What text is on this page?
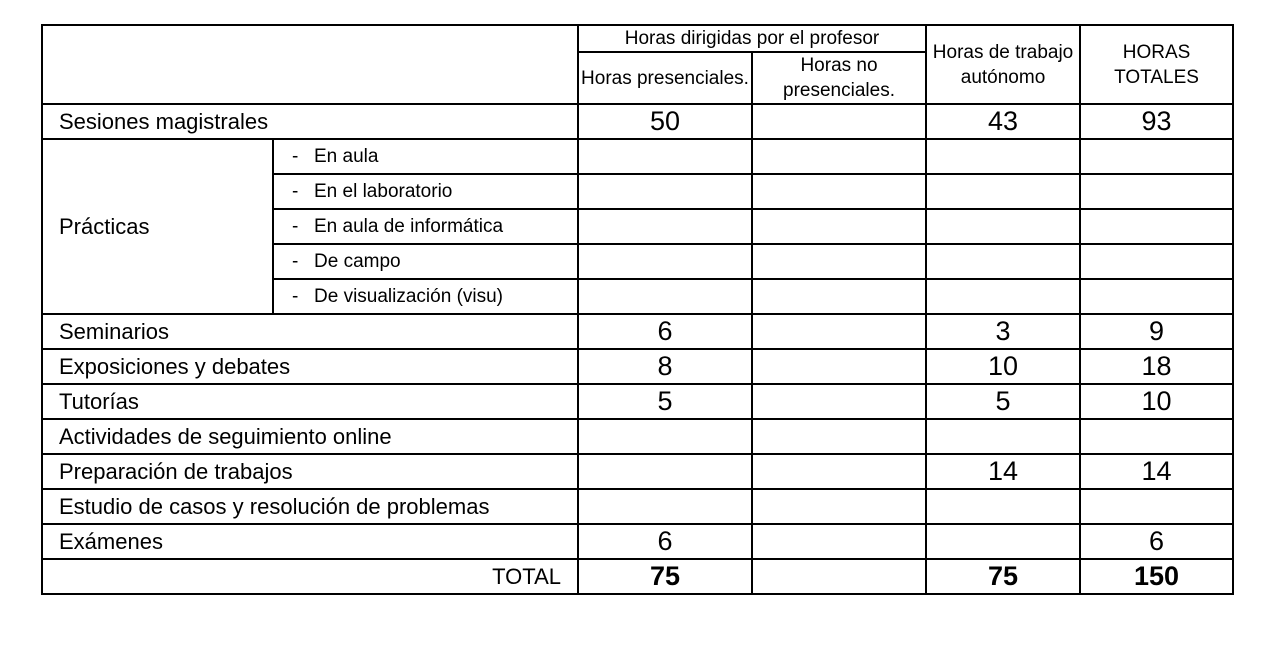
		Horas dirigidas por el profesor		Horas de trabajo autónomo	HORAS TOTALES
		Horas presenciales.	Horas no presenciales.		
Sesiones magistrales		50		43	93
Prácticas	- En aula				
	- En el laboratorio				
	- En aula de informática				
	- De campo				
	- De visualización (visu)				
Seminarios		6		3	9
Exposiciones y debates		8		10	18
Tutorías		5		5	10
Actividades de seguimiento online					
Preparación de trabajos				14	14
Estudio de casos y resolución de problemas					
Exámenes		6			6
TOTAL		75		75	150
